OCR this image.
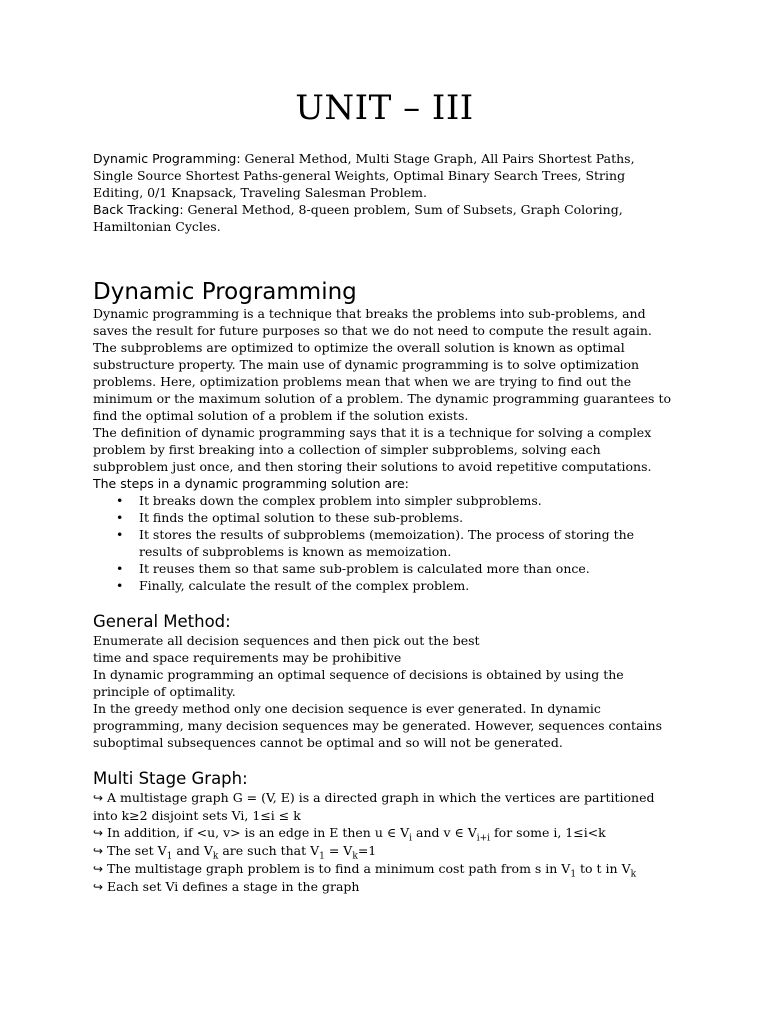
UNIT – III

Dynamic Programming: General Method, Multi Stage Graph, All Pairs Shortest Paths, Single Source Shortest Paths-general Weights, Optimal Binary Search Trees, String Editing, 0/1 Knapsack, Traveling Salesman Problem.

Back Tracking: General Method, 8-queen problem, Sum of Subsets, Graph Coloring, Hamiltonian Cycles.

Dynamic Programming

Dynamic programming is a technique that breaks the problems into sub-problems, and saves the result for future purposes so that we do not need to compute the result again. The subproblems are optimized to optimize the overall solution is known as optimal substructure property. The main use of dynamic programming is to solve optimization problems. Here, optimization problems mean that when we are trying to find out the minimum or the maximum solution of a problem. The dynamic programming guarantees to find the optimal solution of a problem if the solution exists.

The definition of dynamic programming says that it is a technique for solving a complex problem by first breaking into a collection of simpler subproblems, solving each subproblem just once, and then storing their solutions to avoid repetitive computations.

The steps in a dynamic programming solution are:

• It breaks down the complex problem into simpler subproblems.
• It finds the optimal solution to these sub-problems.
• It stores the results of subproblems (memoization). The process of storing the results of subproblems is known as memoization.
• It reuses them so that same sub-problem is calculated more than once.
• Finally, calculate the result of the complex problem.
General Method:

Enumerate all decision sequences and then pick out the best

time and space requirements may be prohibitive

In dynamic programming an optimal sequence of decisions is obtained by using the principle of optimality.

In the greedy method only one decision sequence is ever generated. In dynamic programming, many decision sequences may be generated. However, sequences contains suboptimal subsequences cannot be optimal and so will not be generated.

Multi Stage Graph:

↪ A multistage graph G = (V, E) is a directed graph in which the vertices are partitioned into k≥2 disjoint sets Vi, 1≤i ≤ k

↪ In addition, if <u, v> is an edge in E then u ∈ $V_i$ and v ∈ $V_{i+i}$ for some i, 1≤i<k

↪ The set $V_1$ and $V_k$ are such that $V_1 = V_k=1$

↪ The multistage graph problem is to find a minimum cost path from s in $V_1$ to t in $V_k$

↪ Each set Vi defines a stage in the graph
